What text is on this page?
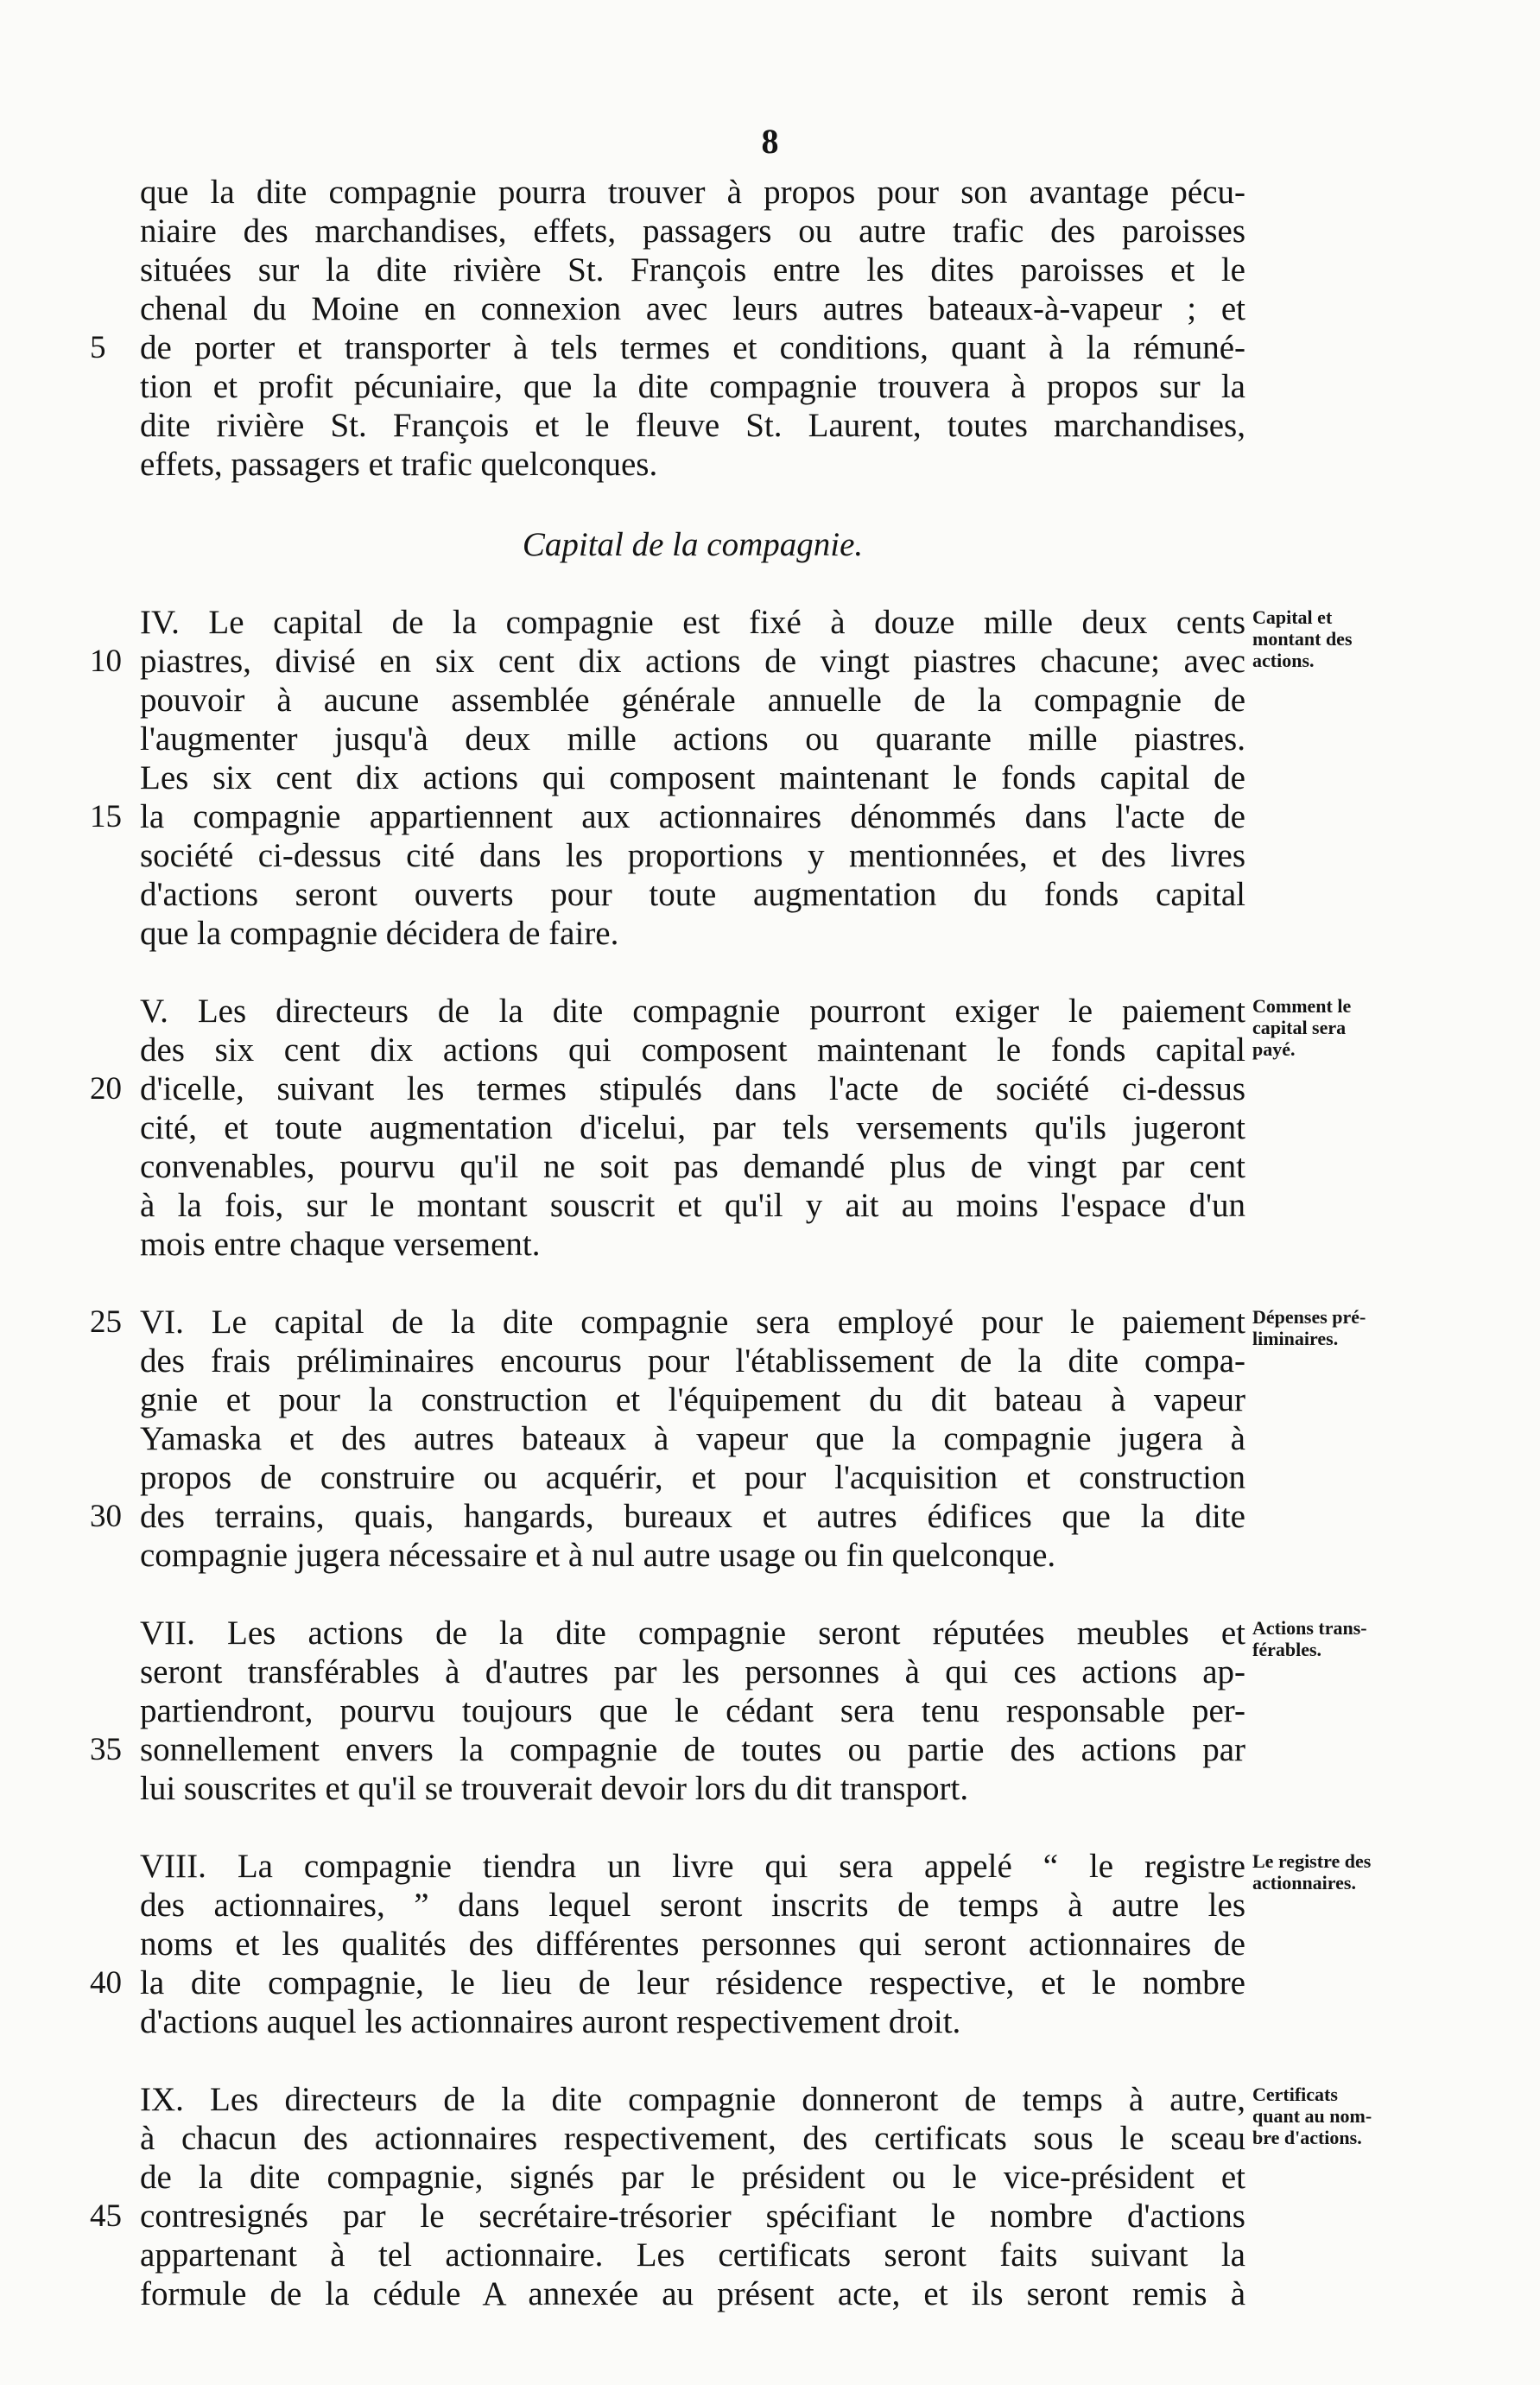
8
que la dite compagnie pourra trouver à propos pour son avantage pécu-
niaire des marchandises, effets, passagers ou autre trafic des paroisses
situées sur la dite rivière St. François entre les dites paroisses et le
chenal du Moine en connexion avec leurs autres bateaux-à-vapeur ; et
de porter et transporter à tels termes et conditions, quant à la rémuné-
tion et profit pécuniaire, que la dite compagnie trouvera à propos sur la
dite rivière St. François et le fleuve St. Laurent, toutes marchandises,
effets, passagers et trafic quelconques.
Capital de la compagnie.
IV. Le capital de la compagnie est fixé à douze mille deux cents
piastres, divisé en six cent dix actions de vingt piastres chacune; avec
pouvoir à aucune assemblée générale annuelle de la compagnie de
l'augmenter jusqu'à deux mille actions ou quarante mille piastres.
Les six cent dix actions qui composent maintenant le fonds capital de
la compagnie appartiennent aux actionnaires dénommés dans l'acte de
société ci-dessus cité dans les proportions y mentionnées, et des livres
d'actions seront ouverts pour toute augmentation du fonds capital
que la compagnie décidera de faire.
V. Les directeurs de la dite compagnie pourront exiger le paiement
des six cent dix actions qui composent maintenant le fonds capital
d'icelle, suivant les termes stipulés dans l'acte de société ci-dessus
cité, et toute augmentation d'icelui, par tels versements qu'ils jugeront
convenables, pourvu qu'il ne soit pas demandé plus de vingt par cent
à la fois, sur le montant souscrit et qu'il y ait au moins l'espace d'un
mois entre chaque versement.
VI. Le capital de la dite compagnie sera employé pour le paiement
des frais préliminaires encourus pour l'établissement de la dite compa-
gnie et pour la construction et l'équipement du dit bateau à vapeur
Yamaska et des autres bateaux à vapeur que la compagnie jugera à
propos de construire ou acquérir, et pour l'acquisition et construction
des terrains, quais, hangards, bureaux et autres édifices que la dite
compagnie jugera nécessaire et à nul autre usage ou fin quelconque.
VII. Les actions de la dite compagnie seront réputées meubles et
seront transférables à d'autres par les personnes à qui ces actions ap-
partiendront, pourvu toujours que le cédant sera tenu responsable per-
sonnellement envers la compagnie de toutes ou partie des actions par
lui souscrites et qu'il se trouverait devoir lors du dit transport.
VIII. La compagnie tiendra un livre qui sera appelé “ le registre
des actionnaires, ” dans lequel seront inscrits de temps à autre les
noms et les qualités des différentes personnes qui seront actionnaires de
la dite compagnie, le lieu de leur résidence respective, et le nombre
d'actions auquel les actionnaires auront respectivement droit.
IX. Les directeurs de la dite compagnie donneront de temps à autre,
à chacun des actionnaires respectivement, des certificats sous le sceau
de la dite compagnie, signés par le président ou le vice-président et
contresignés par le secrétaire-trésorier spécifiant le nombre d'actions
appartenant à tel actionnaire. Les certificats seront faits suivant la
formule de la cédule A annexée au présent acte, et ils seront remis à
5
10
15
20
25
30
35
40
45
Capital et
montant des
actions.
Comment le
capital sera
payé.
Dépenses pré-
liminaires.
Actions trans-
férables.
Le registre des
actionnaires.
Certificats
quant au nom-
bre d'actions.
